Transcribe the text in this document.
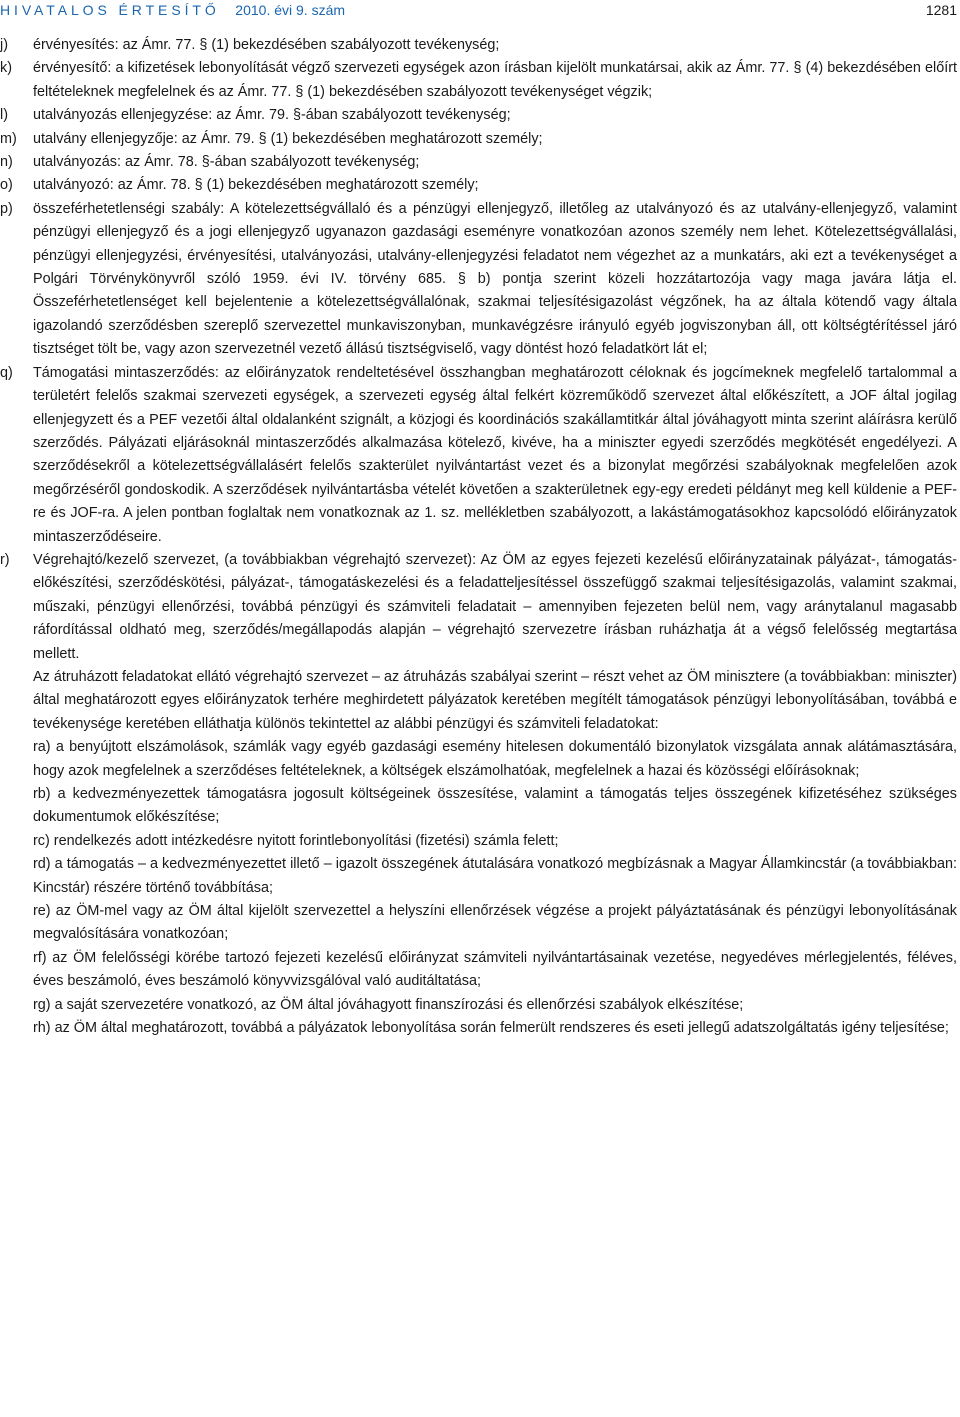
HIVATALOS ÉRTESÍTŐ 2010. évi 9. szám	1281
j)	érvényesítés: az Ámr. 77. § (1) bekezdésében szabályozott tevékenység;
k)	érvényesítő: a kifizetések lebonyolítását végző szervezeti egységek azon írásban kijelölt munkatársai, akik az Ámr. 77. § (4) bekezdésében előírt feltételeknek megfelelnek és az Ámr. 77. § (1) bekezdésében szabályozott tevékenységet végzik;
l)	utalványozás ellenjegyzése: az Ámr. 79. §-ában szabályozott tevékenység;
m)	utalvány ellenjegyzője: az Ámr. 79. § (1) bekezdésében meghatározott személy;
n)	utalványozás: az Ámr. 78. §-ában szabályozott tevékenység;
o)	utalványozó: az Ámr. 78. § (1) bekezdésében meghatározott személy;
p)	összeférhetetlenségi szabály: A kötelezettségvállaló és a pénzügyi ellenjegyző, illetőleg az utalványozó és az utalvány-ellenjegyző, valamint pénzügyi ellenjegyző és a jogi ellenjegyző ugyanazon gazdasági eseményre vonatkozóan azonos személy nem lehet. Kötelezettségvállalási, pénzügyi ellenjegyzési, érvényesítési, utalványozási, utalvány-ellenjegyzési feladatot nem végezhet az a munkatárs, aki ezt a tevékenységet a Polgári Törvénykönyvről szóló 1959. évi IV. törvény 685. § b) pontja szerint közeli hozzátartozója vagy maga javára látja el. Összeférhetetlenséget kell bejelentenie a kötelezettségvállalónak, szakmai teljesítésigazolást végzőnek, ha az általa kötendő vagy általa igazolandó szerződésben szereplő szervezettel munkaviszonyban, munkavégzésre irányuló egyéb jogviszonyban áll, ott költségtérítéssel járó tisztséget tölt be, vagy azon szervezetnél vezető állású tisztségviselő, vagy döntést hozó feladatkört lát el;
q)	Támogatási mintaszerződés: az előirányzatok rendeltetésével összhangban meghatározott céloknak és jogcímeknek megfelelő tartalommal a területért felelős szakmai szervezeti egységek, a szervezeti egység által felkért közreműködő szervezet által előkészített, a JOF által jogilag ellenjegyzett és a PEF vezetői által oldalanként szignált, a közjogi és koordinációs szakállamtitkár által jóváhagyott minta szerint aláírásra kerülő szerződés. Pályázati eljárásoknál mintaszerződés alkalmazása kötelező, kivéve, ha a miniszter egyedi szerződés megkötését engedélyezi. A szerződésekről a kötelezettségvállalásért felelős szakterület nyilvántartást vezet és a bizonylat megőrzési szabályoknak megfelelően azok megőrzéséről gondoskodik. A szerződések nyilvántartásba vételét követően a szakterületnek egy-egy eredeti példányt meg kell küldenie a PEF-re és JOF-ra. A jelen pontban foglaltak nem vonatkoznak az 1. sz. mellékletben szabályozott, a lakástámogatásokhoz kapcsolódó előirányzatok mintaszerződéseire.
r)	Végrehajtó/kezelő szervezet, (a továbbiakban végrehajtó szervezet): Az ÖM az egyes fejezeti kezelésű előirányzatainak pályázat-, támogatás-előkészítési, szerződéskötési, pályázat-, támogatáskezelési és a feladatteljesítéssel összefüggő szakmai teljesítésigazolás, valamint szakmai, műszaki, pénzügyi ellenőrzési, továbbá pénzügyi és számviteli feladatait – amennyiben fejezeten belül nem, vagy aránytalanul magasabb ráfordítással oldható meg, szerződés/megállapodás alapján – végrehajtó szervezetre írásban ruházhatja át a végső felelősség megtartása mellett.
Az átruházott feladatokat ellátó végrehajtó szervezet – az átruházás szabályai szerint – részt vehet az ÖM minisztere (a továbbiakban: miniszter) által meghatározott egyes előirányzatok terhére meghirdetett pályázatok keretében megítélt támogatások pénzügyi lebonyolításában, továbbá e tevékenysége keretében elláthatja különös tekintettel az alábbi pénzügyi és számviteli feladatokat:
ra) a benyújtott elszámolások, számlák vagy egyéb gazdasági esemény hitelesen dokumentáló bizonylatok vizsgálata annak alátámasztására, hogy azok megfelelnek a szerződéses feltételeknek, a költségek elszámolhatóak, megfelelnek a hazai és közösségi előírásoknak;
rb) a kedvezményezettek támogatásra jogosult költségeinek összesítése, valamint a támogatás teljes összegének kifizetéséhez szükséges dokumentumok előkészítése;
rc) rendelkezés adott intézkedésre nyitott forintlebonyolítási (fizetési) számla felett;
rd) a támogatás – a kedvezményezettet illető – igazolt összegének átutalására vonatkozó megbízásnak a Magyar Államkincstár (a továbbiakban: Kincstár) részére történő továbbítása;
re) az ÖM-mel vagy az ÖM által kijelölt szervezettel a helyszíni ellenőrzések végzése a projekt pályáztatásának és pénzügyi lebonyolításának megvalósítására vonatkozóan;
rf) az ÖM felelősségi körébe tartozó fejezeti kezelésű előirányzat számviteli nyilvántartásainak vezetése, negyedéves mérlegjelentés, féléves, éves beszámoló, éves beszámoló könyvvizsgálóval való auditáltatása;
rg) a saját szervezetére vonatkozó, az ÖM által jóváhagyott finanszírozási és ellenőrzési szabályok elkészítése;
rh) az ÖM által meghatározott, továbbá a pályázatok lebonyolítása során felmerült rendszeres és eseti jellegű adatszolgáltatás igény teljesítése;
